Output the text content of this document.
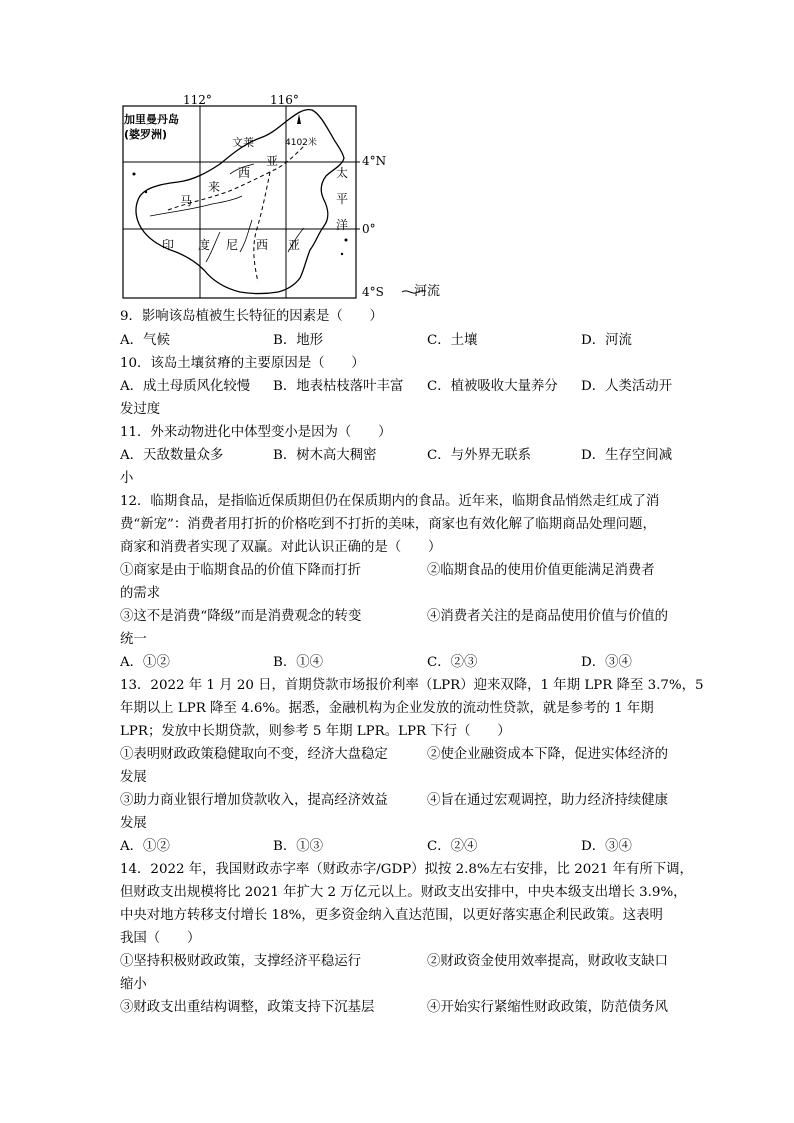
112°	116°
4°N
0°
4°S 河流
加里曼丹岛
(婆罗洲)
文莱	4102米
马
来
西
亚
印 度 尼 西 亚
太
平
洋
9．影响该岛植被生长特征的因素是（　　）
A．气候	B．地形	C．土壤	D．河流
10．该岛土壤贫瘠的主要原因是（　　）
A．成土母质风化较慢 B．地表枯枝落叶丰富 C．植被吸收大量养分 D．人类活动开
发过度
11．外来动物进化中体型变小是因为（　　）
A．天敌数量众多	B．树木高大稠密	C．与外界无联系	D．生存空间减
小
12．临期食品，是指临近保质期但仍在保质期内的食品。近年来，临期食品悄然走红成了消
费“新宠”：消费者用打折的价格吃到不打折的美味，商家也有效化解了临期商品处理问题，
商家和消费者实现了双赢。对此认识正确的是（　　）
①商家是由于临期食品的价值下降而打折	②临期食品的使用价值更能满足消费者
的需求
③这不是消费“降级”而是消费观念的转变	④消费者关注的是商品使用价值与价值的
统一
A．①②	B．①④	C．②③	D．③④
13．2022 年 1 月 20 日，首期贷款市场报价利率（LPR）迎来双降，1 年期 LPR 降至 3.7%，5
年期以上 LPR 降至 4.6%。据悉，金融机构为企业发放的流动性贷款，就是参考的 1 年期
LPR；发放中长期贷款，则参考 5 年期 LPR。LPR 下行（　　）
①表明财政政策稳健取向不变，经济大盘稳定	②使企业融资成本下降，促进实体经济的
发展
③助力商业银行增加贷款收入，提高经济效益	④旨在通过宏观调控，助力经济持续健康
发展
A．①②	B．①③	C．②④	D．③④
14．2022 年，我国财政赤字率（财政赤字/GDP）拟按 2.8%左右安排，比 2021 年有所下调，
但财政支出规模将比 2021 年扩大 2 万亿元以上。财政支出安排中，中央本级支出增长 3.9%，
中央对地方转移支付增长 18%，更多资金纳入直达范围，以更好落实惠企利民政策。这表明
我国（　　）
①坚持积极财政政策，支撑经济平稳运行	②财政资金使用效率提高，财政收支缺口
缩小
③财政支出重结构调整，政策支持下沉基层	④开始实行紧缩性财政政策，防范债务风
